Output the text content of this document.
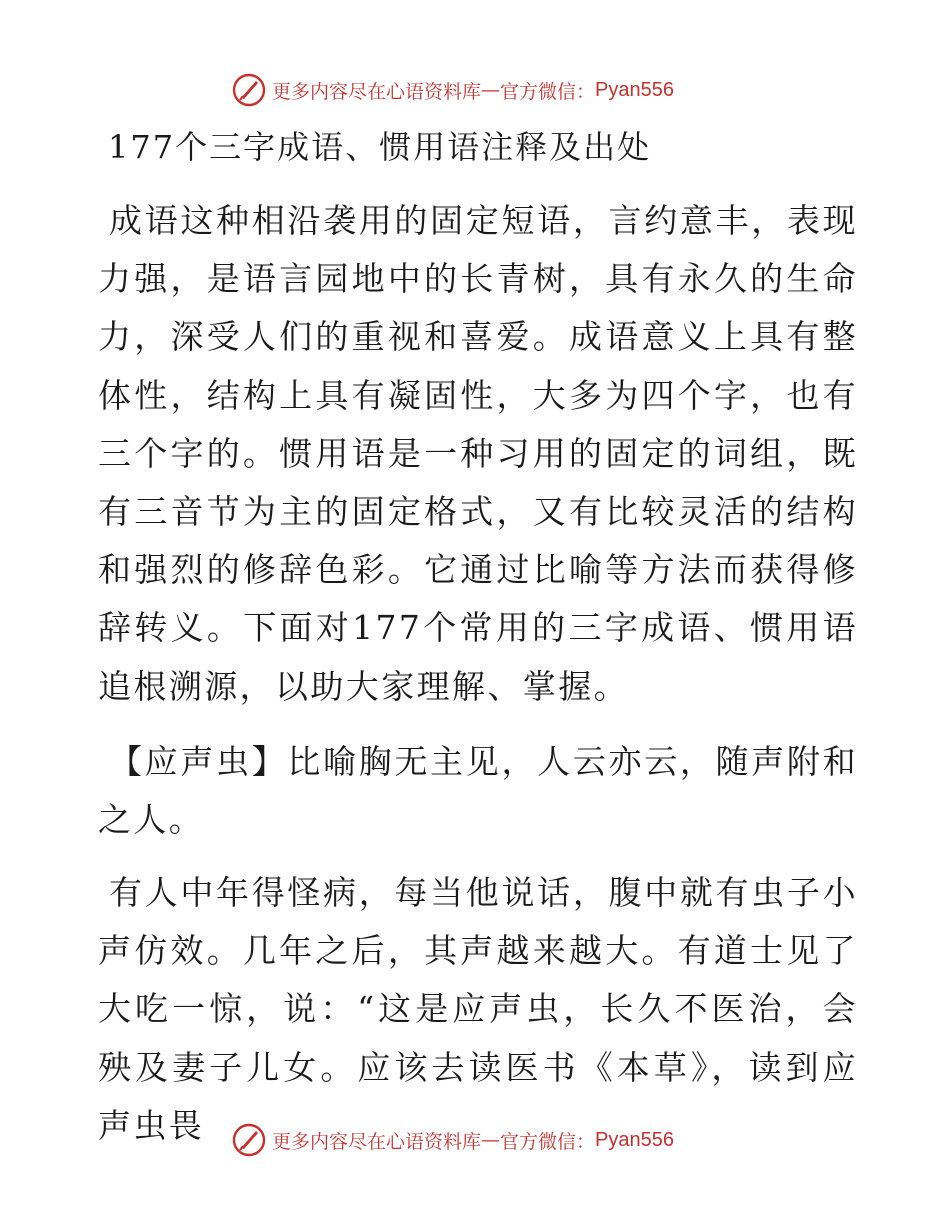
更多内容尽在心语资料库 — 官方微信： Pyan556
177个三字成语、惯用语注释及出处

成语这种相沿袭用的固定短语，言约意丰，表现力强，是语言园地中的长青树，具有永久的生命力，深受人们的重视和喜爱。成语意义上具有整体性，结构上具有凝固性，大多为四个字，也有三个字的。惯用语是一种习用的固定的词组，既有三音节为主的固定格式，又有比较灵活的结构和强烈的修辞色彩。它通过比喻等方法而获得修辞转义。下面对177个常用的三字成语、惯用语追根溯源，以助大家理解、掌握。

【应声虫】比喻胸无主见，人云亦云，随声附和之人。

有人中年得怪病，每当他说话，腹中就有虫子小声仿效。几年之后，其声越来越大。有道士见了大吃一惊，说：“这是应声虫，长久不医治，会殃及妻子儿女。应该去读医书《本草》，读到应声虫畏	更多内容尽在心语资料库 — 官方微信： Pyan556
